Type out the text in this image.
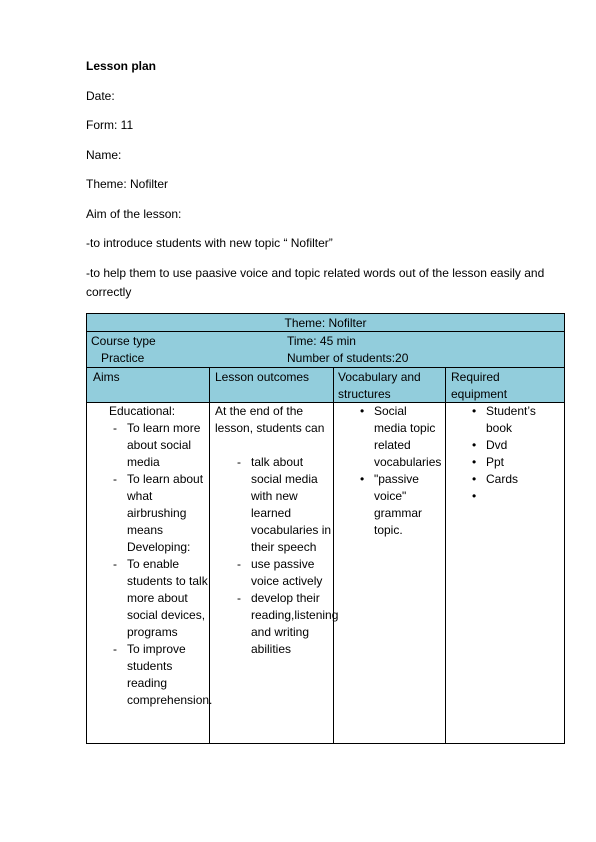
Lesson plan
Date:
Form: 11
Name:
Theme: Nofilter
Aim of the lesson:
-to introduce students with new topic “ Nofilter”
-to help them to use paasive voice and topic related words out of the lesson easily and correctly
Theme: Nofilter
Course type
Practice
Time: 45 min
Number of students:20
Aims	Lesson outcomes Vocabulary and structures
Required equipment
Educational:
- To learn more about social media
- To learn about what airbrushing means
Developing:
- To enable students to talk more about social devices, programs
- To improve students reading comprehension.
At the end of the lesson, students can
- talk about social media with new learned vocabularies in their speech
- use passive voice actively
- develop their reading,listening and writing abilities
• Social media topic related vocabularies
• "passive voice" grammar topic.
• Student’s book
• Dvd
• Ppt
• Cards
•
